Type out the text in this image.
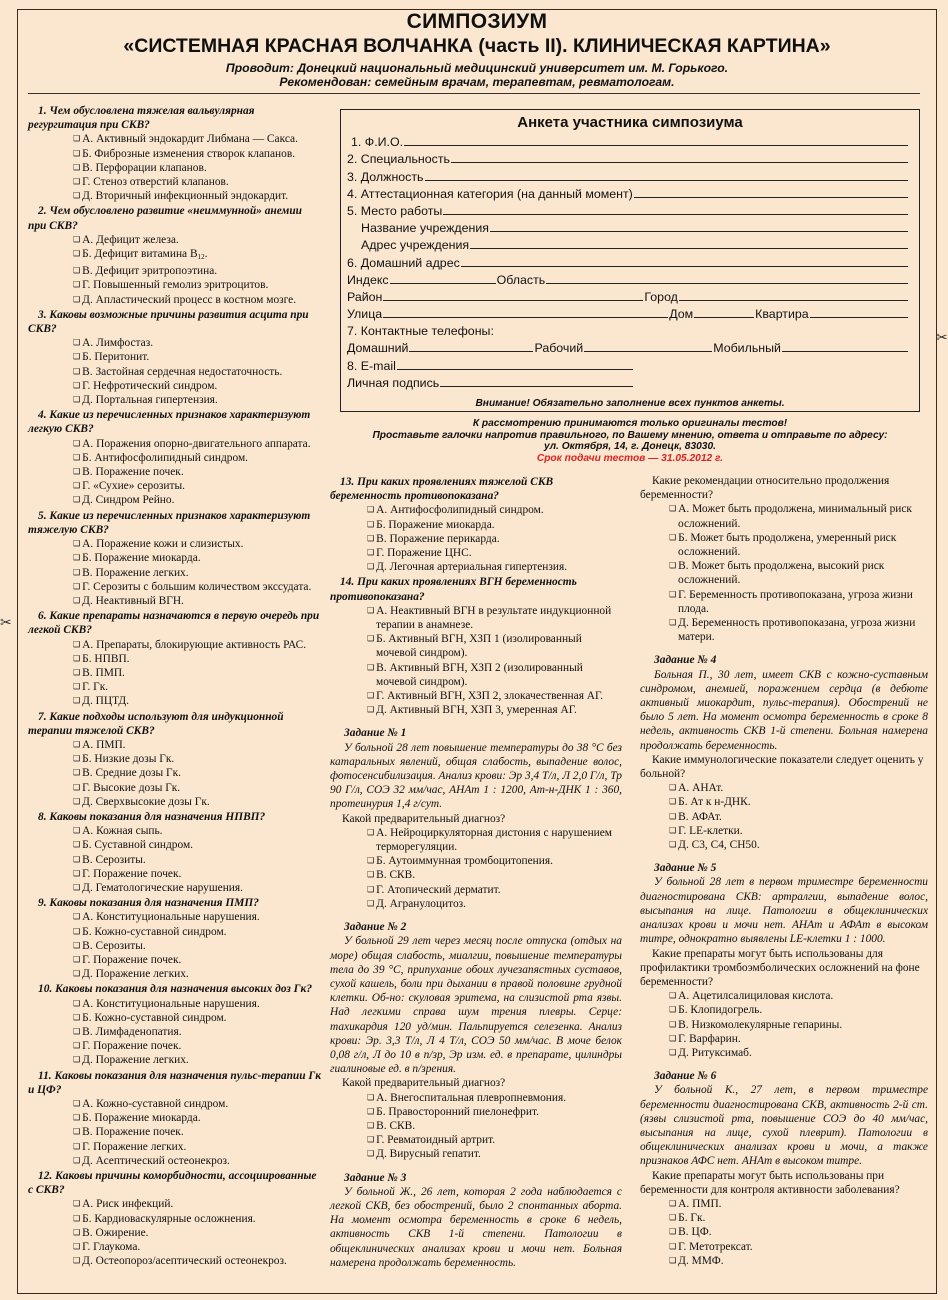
СИМПОЗИУМ
«СИСТЕМНАЯ КРАСНАЯ ВОЛЧАНКА (часть II). КЛИНИЧЕСКАЯ КАРТИНА»
Проводит: Донецкий национальный медицинский университет им. М. Горького.
Рекомендован: семейным врачам, терапевтам, ревматологам.
✂
✂
1. Чем обусловлена тяжелая вальвулярная регургитация при СКВ?
❑ А. Активный эндокардит Либмана — Сакса.
❑ Б. Фиброзные изменения створок клапанов.
❑ В. Перфорации клапанов.
❑ Г. Стеноз отверстий клапанов.
❑ Д. Вторичный инфекционный эндокардит.
2. Чем обусловлено развитие «неиммунной» анемии при СКВ?
❑ А. Дефицит железа.
❑ Б. Дефицит витамина $B_{12}$.
❑ В. Дефицит эритропоэтина.
❑ Г. Повышенный гемолиз эритроцитов.
❑ Д. Апластический процесс в костном мозге.
3. Каковы возможные причины развития асцита при СКВ?
❑ А. Лимфостаз.
❑ Б. Перитонит.
❑ В. Застойная сердечная недостаточность.
❑ Г. Нефротический синдром.
❑ Д. Портальная гипертензия.
4. Какие из перечисленных признаков характеризуют легкую СКВ?
❑ А. Поражения опорно-двигательного аппарата.
❑ Б. Антифосфолипидный синдром.
❑ В. Поражение почек.
❑ Г. «Сухие» серозиты.
❑ Д. Синдром Рейно.
5. Какие из перечисленных признаков характеризуют тяжелую СКВ?
❑ А. Поражение кожи и слизистых.
❑ Б. Поражение миокарда.
❑ В. Поражение легких.
❑ Г. Серозиты с большим количеством экссудата.
❑ Д. Неактивный ВГН.
6. Какие препараты назначаются в первую очередь при легкой СКВ?
❑ А. Препараты, блокирующие активность РАС.
❑ Б. НПВП.
❑ В. ПМП.
❑ Г. Гк.
❑ Д. ПЦТД.
7. Какие подходы используют для индукционной терапии тяжелой СКВ?
❑ А. ПМП.
❑ Б. Низкие дозы Гк.
❑ В. Средние дозы Гк.
❑ Г. Высокие дозы Гк.
❑ Д. Сверхвысокие дозы Гк.
8. Каковы показания для назначения НПВП?
❑ А. Кожная сыпь.
❑ Б. Суставной синдром.
❑ В. Серозиты.
❑ Г. Поражение почек.
❑ Д. Гематологические нарушения.
9. Каковы показания для назначения ПМП?
❑ А. Конституциональные нарушения.
❑ Б. Кожно-суставной синдром.
❑ В. Серозиты.
❑ Г. Поражение почек.
❑ Д. Поражение легких.
10. Каковы показания для назначения высоких доз Гк?
❑ А. Конституциональные нарушения.
❑ Б. Кожно-суставной синдром.
❑ В. Лимфаденопатия.
❑ Г. Поражение почек.
❑ Д. Поражение легких.
11. Каковы показания для назначения пульс-терапии Гк и ЦФ?
❑ А. Кожно-суставной синдром.
❑ Б. Поражение миокарда.
❑ В. Поражение почек.
❑ Г. Поражение легких.
❑ Д. Асептический остеонекроз.
12. Каковы причины коморбидности, ассоциированные с СКВ?
❑ А. Риск инфекций.
❑ Б. Кардиоваскулярные осложнения.
❑ В. Ожирение.
❑ Г. Глаукома.
❑ Д. Остеопороз/асептический остеонекроз.
Анкета участника симпозиума
1. Ф.И.О.
2. Специальность
3. Должность
4. Аттестационная категория (на данный момент)
5. Место работы
Название учреждения
Адрес учреждения
6. Домашний адрес
Индекс	Область
Район	Город
Улица	Дом	Квартира
7. Контактные телефоны:
Домашний	Рабочий	Мобильный
8. E-mail
Личная подпись
Внимание! Обязательно заполнение всех пунктов анкеты.
К рассмотрению принимаются только оригиналы тестов!
Проставьте галочки напротив правильного, по Вашему мнению, ответа и отправьте по адресу:
ул. Октября, 14, г. Донецк, 83030.
Срок подачи тестов — 31.05.2012 г.
13. При каких проявлениях тяжелой СКВ беременность противопоказана?
❑ А. Антифосфолипидный синдром.
❑ Б. Поражение миокарда.
❑ В. Поражение перикарда.
❑ Г. Поражение ЦНС.
❑ Д. Легочная артериальная гипертензия.
14. При каких проявлениях ВГН беременность противопоказана?
❑ А. Неактивный ВГН в результате индукционной терапии в анамнезе.
❑ Б. Активный ВГН, ХЗП 1 (изолированный мочевой синдром).
❑ В. Активный ВГН, ХЗП 2 (изолированный мочевой синдром).
❑ Г. Активный ВГН, ХЗП 2, злокачественная АГ.
❑ Д. Активный ВГН, ХЗП 3, умеренная АГ.
Задание № 1
У больной 28 лет повышение температуры до 38 °С без катаральных явлений, общая слабость, выпадение волос, фотосенсибилизация. Анализ крови: Эр 3,4 Т/л, Л 2,0 Г/л, Тр 90 Г/л, СОЭ 32 мм/час, АНАт 1 : 1200, Ат-н-ДНК 1 : 360, протеинурия 1,4 г/сут.
Какой предварительный диагноз?
❑ А. Нейроциркуляторная дистония с нарушением терморегуляции.
❑ Б. Аутоиммунная тромбоцитопения.
❑ В. СКВ.
❑ Г. Атопический дерматит.
❑ Д. Агранулоцитоз.
Задание № 2
У больной 29 лет через месяц после отпуска (отдых на море) общая слабость, миалгии, повышение температуры тела до 39 °С, припухание обоих лучезапястных суставов, сухой кашель, боли при дыхании в правой половине грудной клетки. Об-но: скуловая эритема, на слизистой рта язвы. Над легкими справа шум трения плевры. Серце: тахикардия 120 уд/мин. Пальпируется селезенка. Анализ крови: Эр. 3,3 Т/л, Л 4 Т/л, СОЭ 50 мм/час. В моче белок 0,08 г/л, Л до 10 в п/зр, Эр изм. ед. в препарате, цилиндры гиалиновые ед. в п/зрения.
Какой предварительный диагноз?
❑ А. Внегоспитальная плевропневмония.
❑ Б. Правосторонний пиелонефрит.
❑ В. СКВ.
❑ Г. Ревматоидный артрит.
❑ Д. Вирусный гепатит.
Задание № 3
У больной Ж., 26 лет, которая 2 года наблюдается с легкой СКВ, без обострений, было 2 спонтанных аборта. На момент осмотра беременность в сроке 6 недель, активность СКВ 1-й степени. Патологии в общеклинических анализах крови и мочи нет. Больная намерена продолжать беременность.
Какие рекомендации относительно продолжения беременности?
❑ А. Может быть продолжена, минимальный риск осложнений.
❑ Б. Может быть продолжена, умеренный риск осложнений.
❑ В. Может быть продолжена, высокий риск осложнений.
❑ Г. Беременность противопоказана, угроза жизни плода.
❑ Д. Беременность противопоказана, угроза жизни матери.
Задание № 4
Больная П., 30 лет, имеет СКВ с кожно-суставным синдромом, анемией, поражением сердца (в дебюте активный миокардит, пульс-терапия). Обострений не было 5 лет. На момент осмотра беременность в сроке 8 недель, активность СКВ 1-й степени. Больная намерена продолжать беременность.
Какие иммунологические показатели следует оценить у больной?
❑ А. АНАт.
❑ Б. Ат к н-ДНК.
❑ В. АФАт.
❑ Г. LE-клетки.
❑ Д. С3, С4, СН50.
Задание № 5
У больной 28 лет в первом триместре беременности диагностирована СКВ: артралгии, выпадение волос, высыпания на лице. Патологии в общеклинических анализах крови и мочи нет. АНАт и АФАт в высоком титре, однократно выявлены LE-клетки 1 : 1000.
Какие препараты могут быть использованы для профилактики тромбоэмболических осложнений на фоне беременности?
❑ А. Ацетилсалициловая кислота.
❑ Б. Клопидогрель.
❑ В. Низкомолекулярные гепарины.
❑ Г. Варфарин.
❑ Д. Ритуксимаб.
Задание № 6
У больной К., 27 лет, в первом триместре беременности диагностирована СКВ, активность 2-й ст. (язвы слизистой рта, повышение СОЭ до 40 мм/час, высыпания на лице, сухой плеврит). Патологии в общеклинических анализах крови и мочи, а также признаков АФС нет. АНАт в высоком титре.
Какие препараты могут быть использованы при беременности для контроля активности заболевания?
❑ А. ПМП.
❑ Б. Гк.
❑ В. ЦФ.
❑ Г. Метотрексат.
❑ Д. ММФ.
